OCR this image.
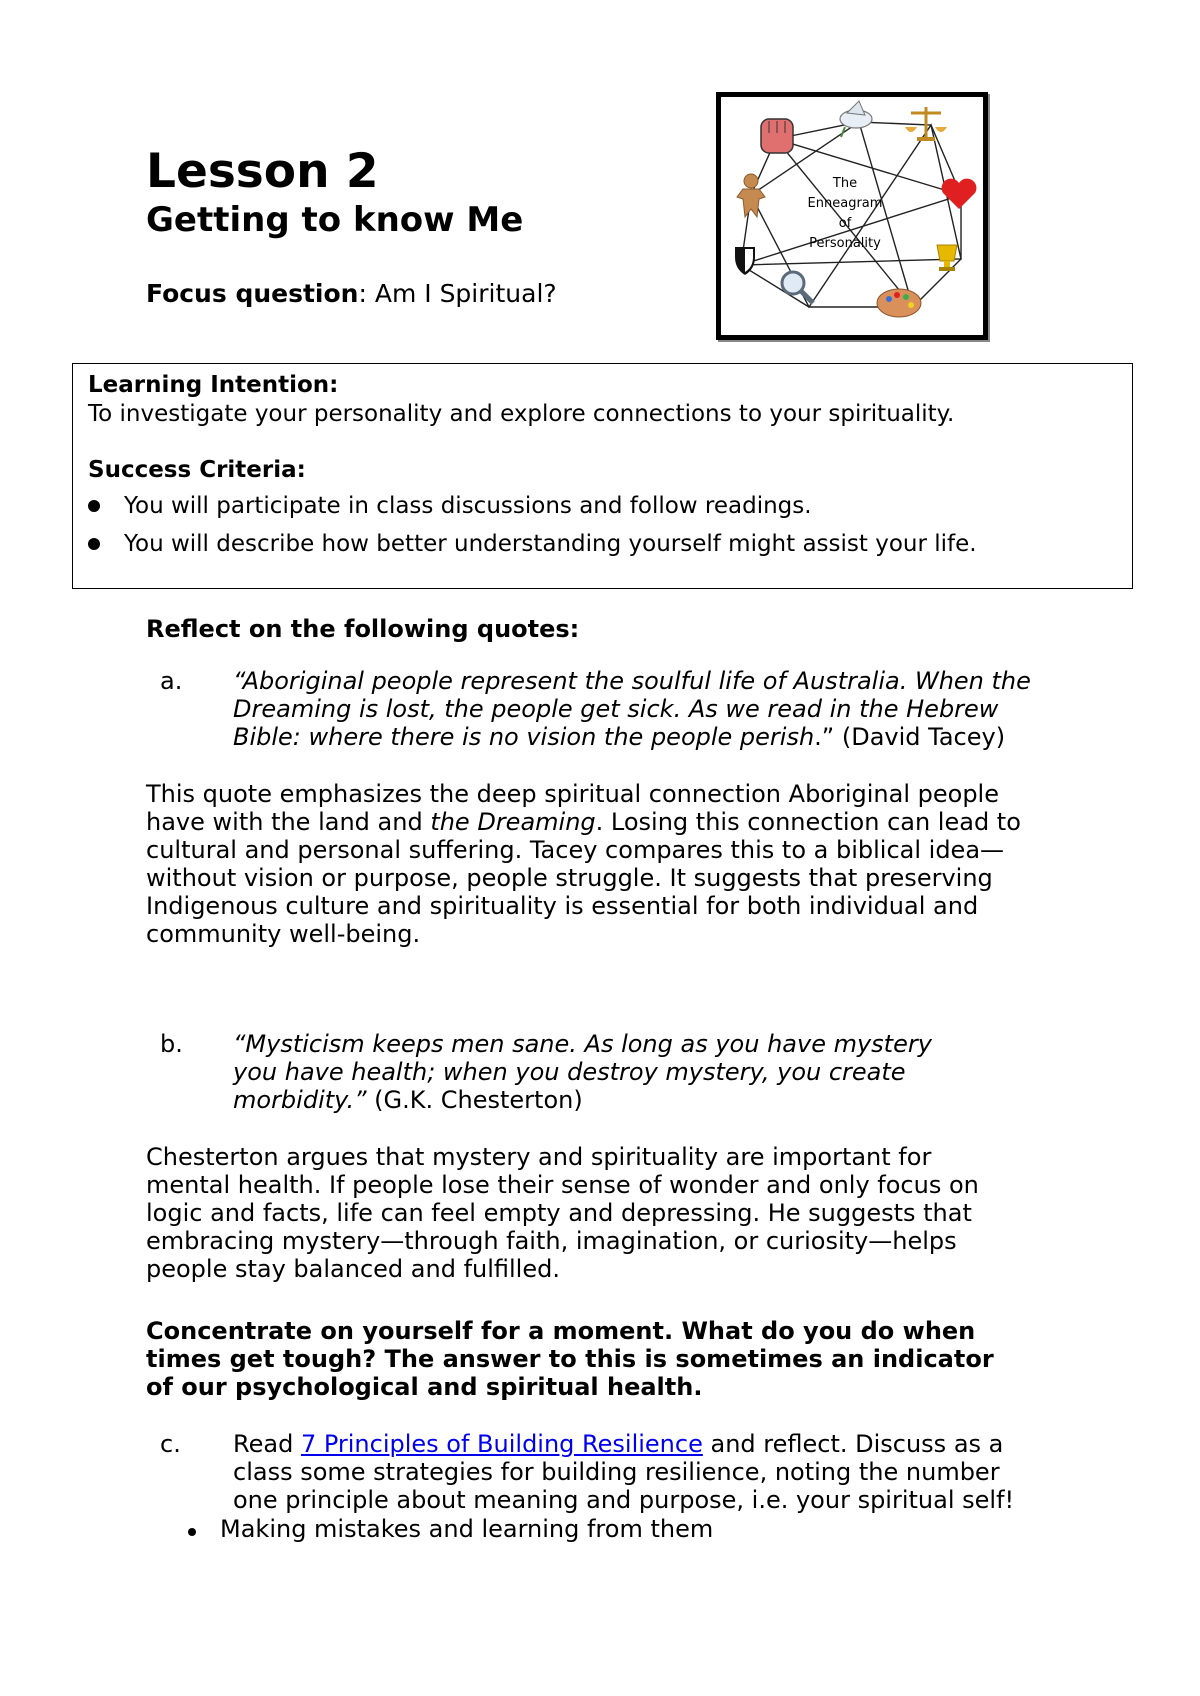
Lesson 2
Getting to know Me
Focus question: Am I Spiritual?
The
Enneagram
of
Personality
Learning Intention:
To investigate your personality and explore connections to your spirituality.
Success Criteria:
You will participate in class discussions and follow readings.
You will describe how better understanding yourself might assist your life.
Reflect on the following quotes:
a. “Aboriginal people represent the soulful life of Australia. When the
Dreaming is lost, the people get sick. As we read in the Hebrew
Bible: where there is no vision the people perish.” (David Tacey)
This quote emphasizes the deep spiritual connection Aboriginal people
have with the land and the Dreaming. Losing this connection can lead to
cultural and personal suffering. Tacey compares this to a biblical idea—
without vision or purpose, people struggle. It suggests that preserving
Indigenous culture and spirituality is essential for both individual and
community well-being.
b. “Mysticism keeps men sane. As long as you have mystery
you have health; when you destroy mystery, you create
morbidity.” (G.K. Chesterton)
Chesterton argues that mystery and spirituality are important for
mental health. If people lose their sense of wonder and only focus on
logic and facts, life can feel empty and depressing. He suggests that
embracing mystery—through faith, imagination, or curiosity—helps
people stay balanced and fulfilled.
Concentrate on yourself for a moment. What do you do when
times get tough? The answer to this is sometimes an indicator
of our psychological and spiritual health.
c. Read 7 Principles of Building Resilience and reflect. Discuss as a
class some strategies for building resilience, noting the number
one principle about meaning and purpose, i.e. your spiritual self!
Making mistakes and learning from them
